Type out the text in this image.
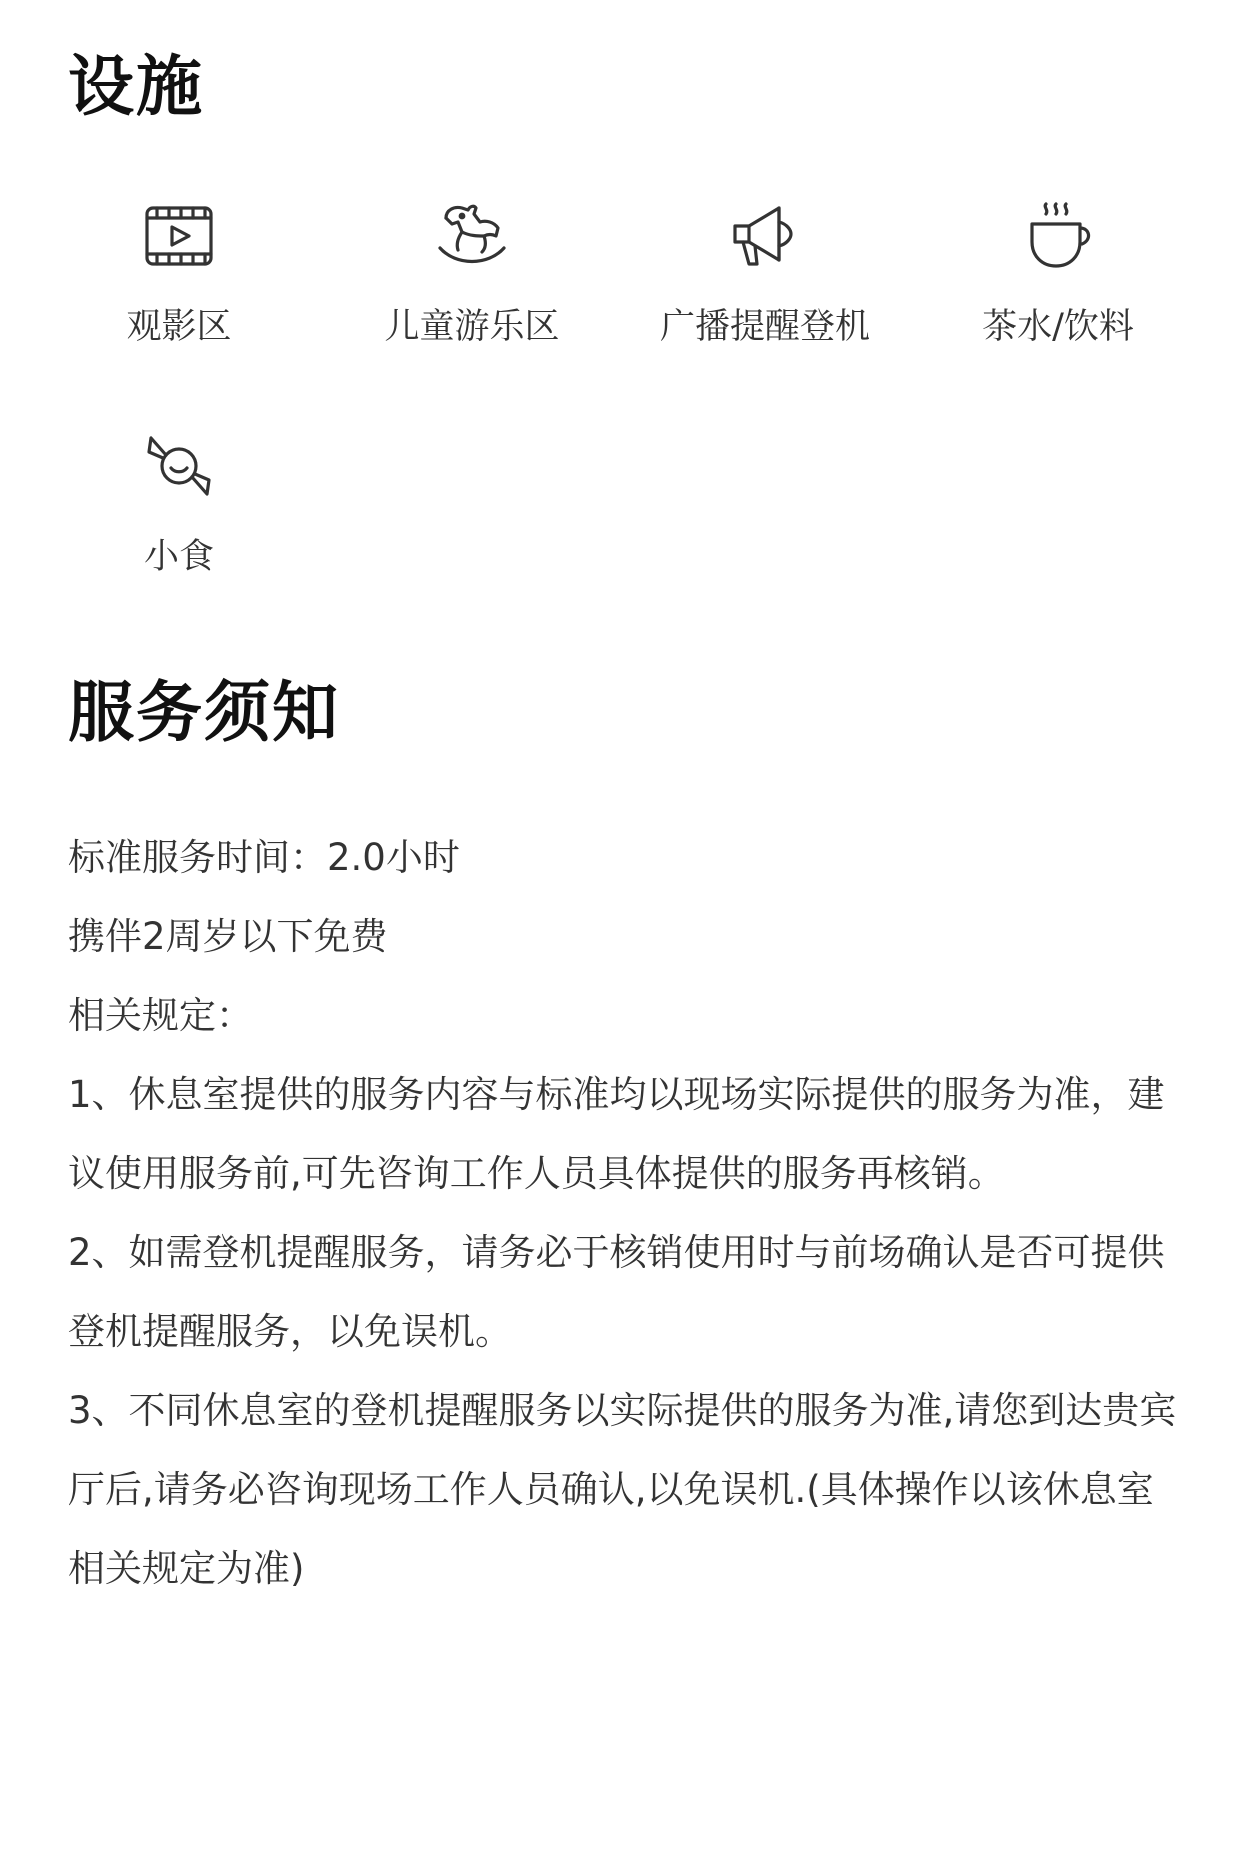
设施
观影区	儿童游乐区	广播提醒登机	茶水/饮料
小食
服务须知

标准服务时间：2.0小时

携伴2周岁以下免费

相关规定：

1、休息室提供的服务内容与标准均以现场实际提供的服务为准，建议使用服务前,可先咨询工作人员具体提供的服务再核销。

2、如需登机提醒服务，请务必于核销使用时与前场确认是否可提供登机提醒服务，以免误机。

3、不同休息室的登机提醒服务以实际提供的服务为准,请您到达贵宾厅后,请务必咨询现场工作人员确认,以免误机.(具体操作以该休息室相关规定为准)
